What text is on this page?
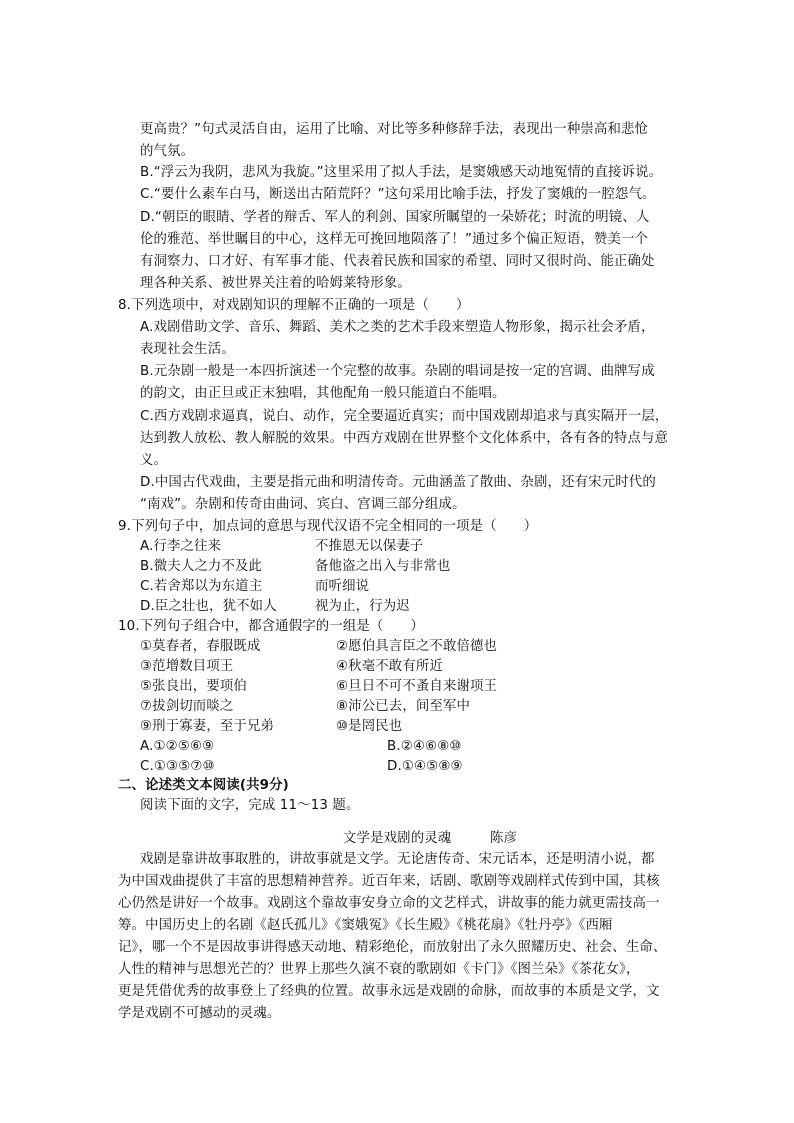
更高贵？”句式灵活自由，运用了比喻、对比等多种修辞手法，表现出一种崇高和悲怆
的气氛。
B.“浮云为我阴，悲风为我旋。”这里采用了拟人手法，是窦娥感天动地冤情的直接诉说。
C.“要什么素车白马，断送出古陌荒阡？”这句采用比喻手法，抒发了窦娥的一腔怨气。
D.“朝臣的眼睛、学者的辩舌、军人的利剑、国家所瞩望的一朵娇花；时流的明镜、人
伦的雅范、举世瞩目的中心，这样无可挽回地陨落了！”通过多个偏正短语，赞美一个
有洞察力、口才好、有军事才能、代表着民族和国家的希望、同时又很时尚、能正确处
理各种关系、被世界关注着的哈姆莱特形象。
8.下列选项中，对戏剧知识的理解不正确的一项是（　　）
A.戏剧借助文学、音乐、舞蹈、美术之类的艺术手段来塑造人物形象，揭示社会矛盾，
表现社会生活。
B.元杂剧一般是一本四折演述一个完整的故事。杂剧的唱词是按一定的宫调、曲牌写成
的韵文，由正旦或正末独唱，其他配角一般只能道白不能唱。
C.西方戏剧求逼真，说白、动作，完全要逼近真实；而中国戏剧却追求与真实隔开一层，
达到教人放松、教人解脱的效果。中西方戏剧在世界整个文化体系中，各有各的特点与意
义。
D.中国古代戏曲，主要是指元曲和明清传奇。元曲涵盖了散曲、杂剧，还有宋元时代的
“南戏”。杂剧和传奇由曲词、宾白、宫调三部分组成。
9.下列句子中，加点词的意思与现代汉语不完全相同的一项是（　　）
A.行李之往来	不推恩无以保妻子
B.微夫人之力不及此	备他盗之出入与非常也
C.若舍郑以为东道主	而听细说
D.臣之壮也，犹不如人	视为止，行为迟
10.下列句子组合中，都含通假字的一组是（　　）
①莫春者，春服既成	②愿伯具言臣之不敢倍德也
③范增数目项王	④秋毫不敢有所近
⑤张良出，要项伯	⑥旦日不可不蚤自来谢项王
⑦拔剑切而啖之	⑧沛公已去，间至军中
⑨刑于寡妻，至于兄弟	⑩是罔民也
A.①②⑤⑥⑨	B.②④⑥⑧⑩
C.①③⑤⑦⑩	D.①④⑤⑧⑨
二、论述类文本阅读(共9分)
阅读下面的文字，完成 11～13 题。
文学是戏剧的灵魂	陈彦
戏剧是靠讲故事取胜的，讲故事就是文学。无论唐传奇、宋元话本，还是明清小说，都
为中国戏曲提供了丰富的思想精神营养。近百年来，话剧、歌剧等戏剧样式传到中国，其核
心仍然是讲好一个故事。戏剧这个靠故事安身立命的文艺样式，讲故事的能力就更需技高一
筹。中国历史上的名剧《赵氏孤儿》《窦娥冤》《长生殿》《桃花扇》《牡丹亭》《西厢
记》，哪一个不是因故事讲得感天动地、精彩绝伦，而放射出了永久照耀历史、社会、生命、
人性的精神与思想光芒的？世界上那些久演不衰的歌剧如《卡门》《图兰朵》《茶花女》，
更是凭借优秀的故事登上了经典的位置。故事永远是戏剧的命脉，而故事的本质是文学，文
学是戏剧不可撼动的灵魂。
